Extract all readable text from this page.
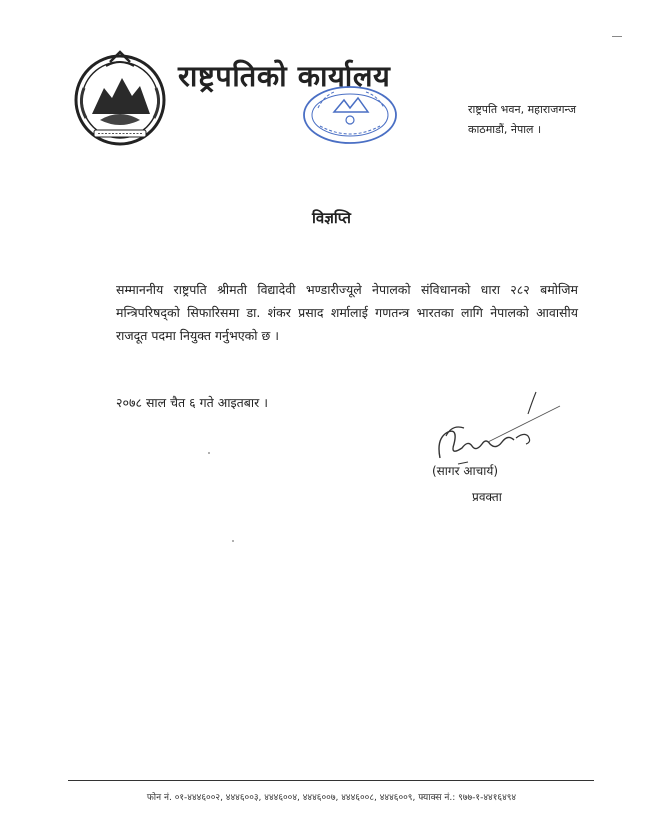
राष्ट्रपतिको कार्यालय
राष्ट्रपति भवन, महाराजगन्ज
काठमाडौं, नेपाल ।
विज्ञप्ति
सम्माननीय राष्ट्रपति श्रीमती विद्यादेवी भण्डारीज्यूले नेपालको संविधानको धारा २८२ बमोजिम मन्त्रिपरिषद्को सिफारिसमा डा. शंकर प्रसाद शर्मालाई गणतन्त्र भारतका लागि नेपालको आवासीय राजदूत पदमा नियुक्त गर्नुभएको छ ।
२०७८ साल चैत ६ गते आइतबार ।
(सागर आचार्य)
प्रवक्ता
फोन नं. ०१-४४४६००२, ४४४६००३, ४४४६००४, ४४४६००७, ४४४६००८, ४४४६००९, फ्याक्स नं.: ९७७-१-४४१६४९४
